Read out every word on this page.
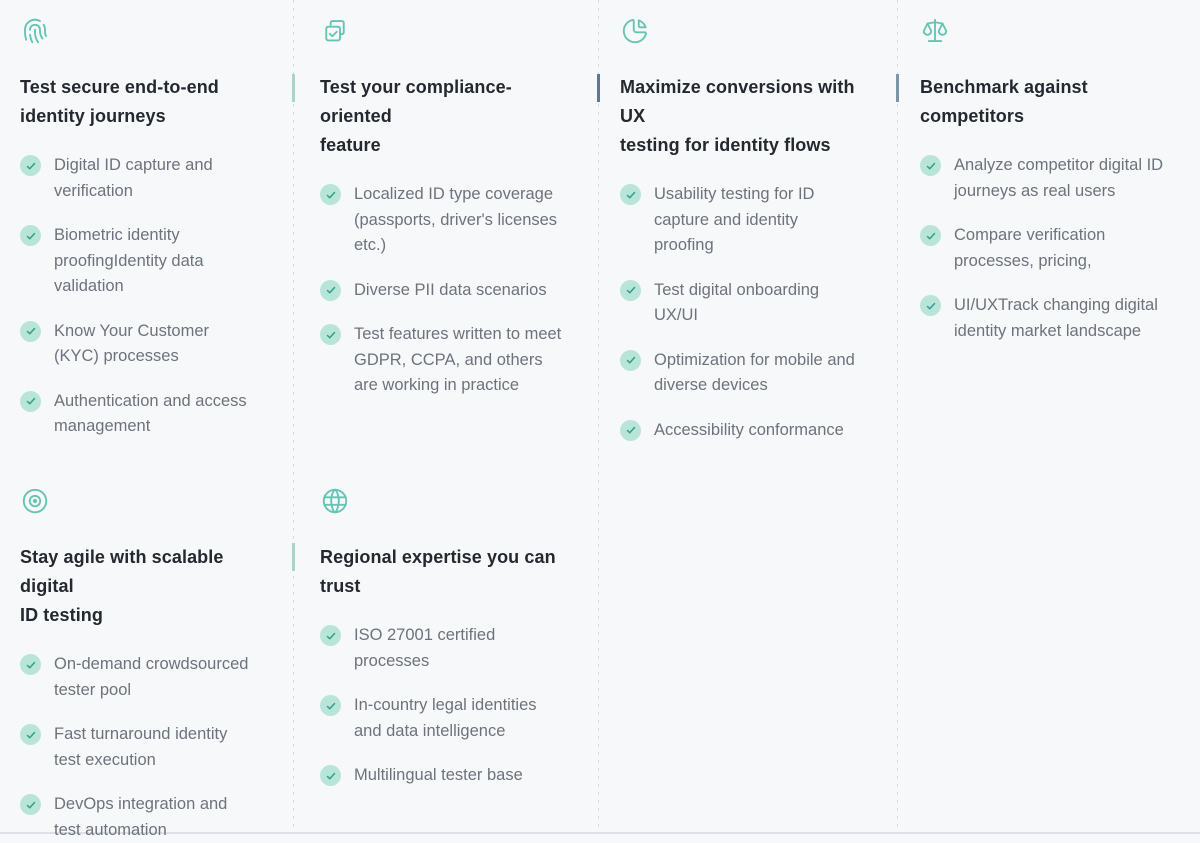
Test secure end-to-end
identity journeys
Digital ID capture and verification
Biometric identity proofingIdentity data validation
Know Your Customer (KYC) processes
Authentication and access management
Test your compliance-oriented
feature
Localized ID type coverage (passports, driver's licenses etc.)
Diverse PII data scenarios
Test features written to meet GDPR, CCPA, and others are working in practice
Maximize conversions with UX
testing for identity flows
Usability testing for ID capture and identity proofing
Test digital onboarding UX/UI
Optimization for mobile and diverse devices
Accessibility conformance
Benchmark against
competitors
Analyze competitor digital ID journeys as real users
Compare verification processes, pricing,
UI/UXTrack changing digital identity market landscape
Stay agile with scalable digital
ID testing
On-demand crowdsourced tester pool
Fast turnaround identity test execution
DevOps integration and test automation
Regional expertise you can
trust
ISO 27001 certified processes
In-country legal identities and data intelligence
Multilingual tester base
